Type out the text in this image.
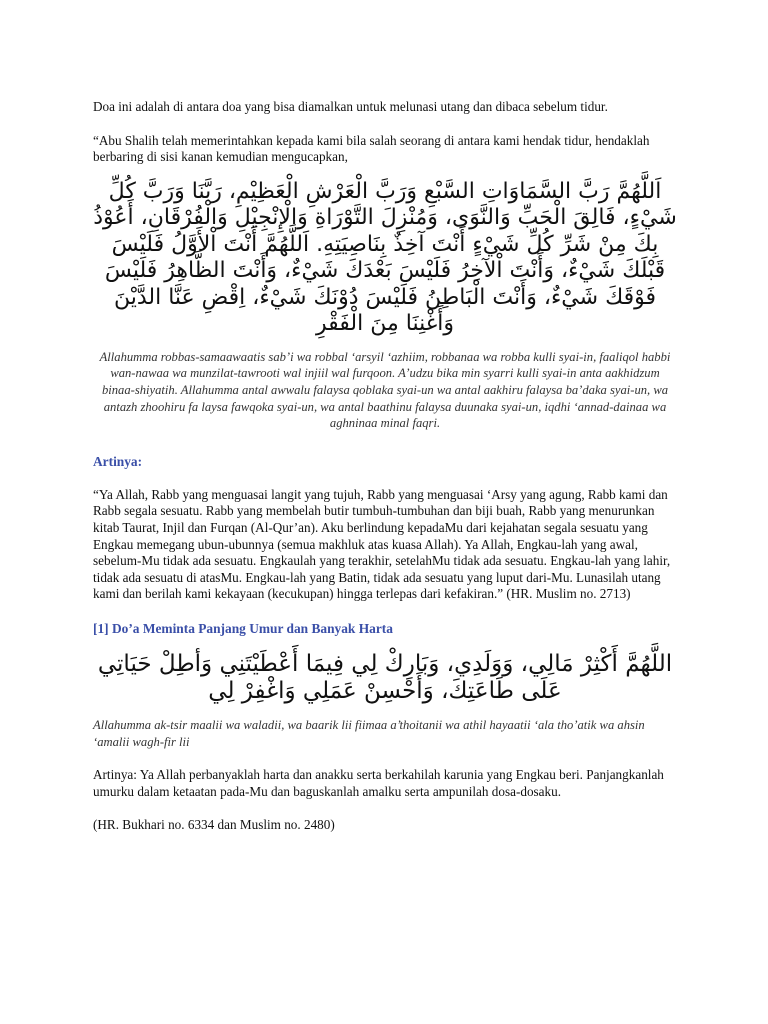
Doa ini adalah di antara doa yang bisa diamalkan untuk melunasi utang dan dibaca sebelum tidur.

“Abu Shalih telah memerintahkan kepada kami bila salah seorang di antara kami hendak tidur, hendaklah berbaring di sisi kanan kemudian mengucapkan,

اَللَّهُمَّ رَبَّ السَّمَاوَاتِ السَّبْعِ وَرَبَّ الْعَرْشِ الْعَظِيْمِ، رَبَّنَا وَرَبَّ كُلِّ شَيْءٍ، فَالِقَ الْحَبِّ وَالنَّوَى، وَمُنْزِلَ التَّوْرَاةِ وَالْإِنْجِيْلِ وَالْفُرْقَانِ، أَعُوْذُ بِكَ مِنْ شَرِّ كُلِّ شَيْءٍ أَنْتَ آخِذٌ بِنَاصِيَتِهِ. اَللَّهُمَّ أَنْتَ اْلأَوَّلُ فَلَيْسَ قَبْلَكَ شَيْءٌ، وَأَنْتَ اْلآخِرُ فَلَيْسَ بَعْدَكَ شَيْءٌ، وَأَنْتَ الظَّاهِرُ فَلَيْسَ فَوْقَكَ شَيْءٌ، وَأَنْتَ الْبَاطِنُ فَلَيْسَ دُوْنَكَ شَيْءٌ، اِقْضِ عَنَّا الدَّيْنَ وَأَغْنِنَا مِنَ الْفَقْرِ

Allahumma robbas-samaawaatis sab’i wa robbal ‘arsyil ‘azhiim, robbanaa wa robba kulli syai-in, faaliqol habbi wan-nawaa wa munzilat-tawrooti wal injiil wal furqoon. A’udzu bika min syarri kulli syai-in anta aakhidzum binaa-shiyatih. Allahumma antal awwalu falaysa qoblaka syai-un wa antal aakhiru falaysa ba’daka syai-un, wa antazh zhoohiru fa laysa fawqoka syai-un, wa antal baathinu falaysa duunaka syai-un, iqdhi ‘annad-dainaa wa aghninaa minal faqri.

Artinya:

“Ya Allah, Rabb yang menguasai langit yang tujuh, Rabb yang menguasai ‘Arsy yang agung, Rabb kami dan Rabb segala sesuatu. Rabb yang membelah butir tumbuh-tumbuhan dan biji buah, Rabb yang menurunkan kitab Taurat, Injil dan Furqan (Al-Qur’an). Aku berlindung kepadaMu dari kejahatan segala sesuatu yang Engkau memegang ubun-ubunnya (semua makhluk atas kuasa Allah). Ya Allah, Engkau-lah yang awal, sebelum-Mu tidak ada sesuatu. Engkaulah yang terakhir, setelahMu tidak ada sesuatu. Engkau-lah yang lahir, tidak ada sesuatu di atasMu. Engkau-lah yang Batin, tidak ada sesuatu yang luput dari-Mu. Lunasilah utang kami dan berilah kami kekayaan (kecukupan) hingga terlepas dari kefakiran.” (HR. Muslim no. 2713)

[1] Do’a Meminta Panjang Umur dan Banyak Harta

اللَّهُمَّ أَكْثِرْ مَالِي، وَوَلَدِي، وَبَارِكْ لِي فِيمَا أَعْطَيْتَنِي وَأطِلْ حَيَاتِي عَلَى طَاعَتِكَ، وَأَحْسِنْ عَمَلِي وَاغْفِرْ لِي

Allahumma ak-tsir maalii wa waladii, wa baarik lii fiimaa a’thoitanii wa athil hayaatii ‘ala tho’atik wa ahsin ‘amalii wagh-fir lii

Artinya: Ya Allah perbanyaklah harta dan anakku serta berkahilah karunia yang Engkau beri. Panjangkanlah umurku dalam ketaatan pada-Mu dan baguskanlah amalku serta ampunilah dosa-dosaku.

(HR. Bukhari no. 6334 dan Muslim no. 2480)
